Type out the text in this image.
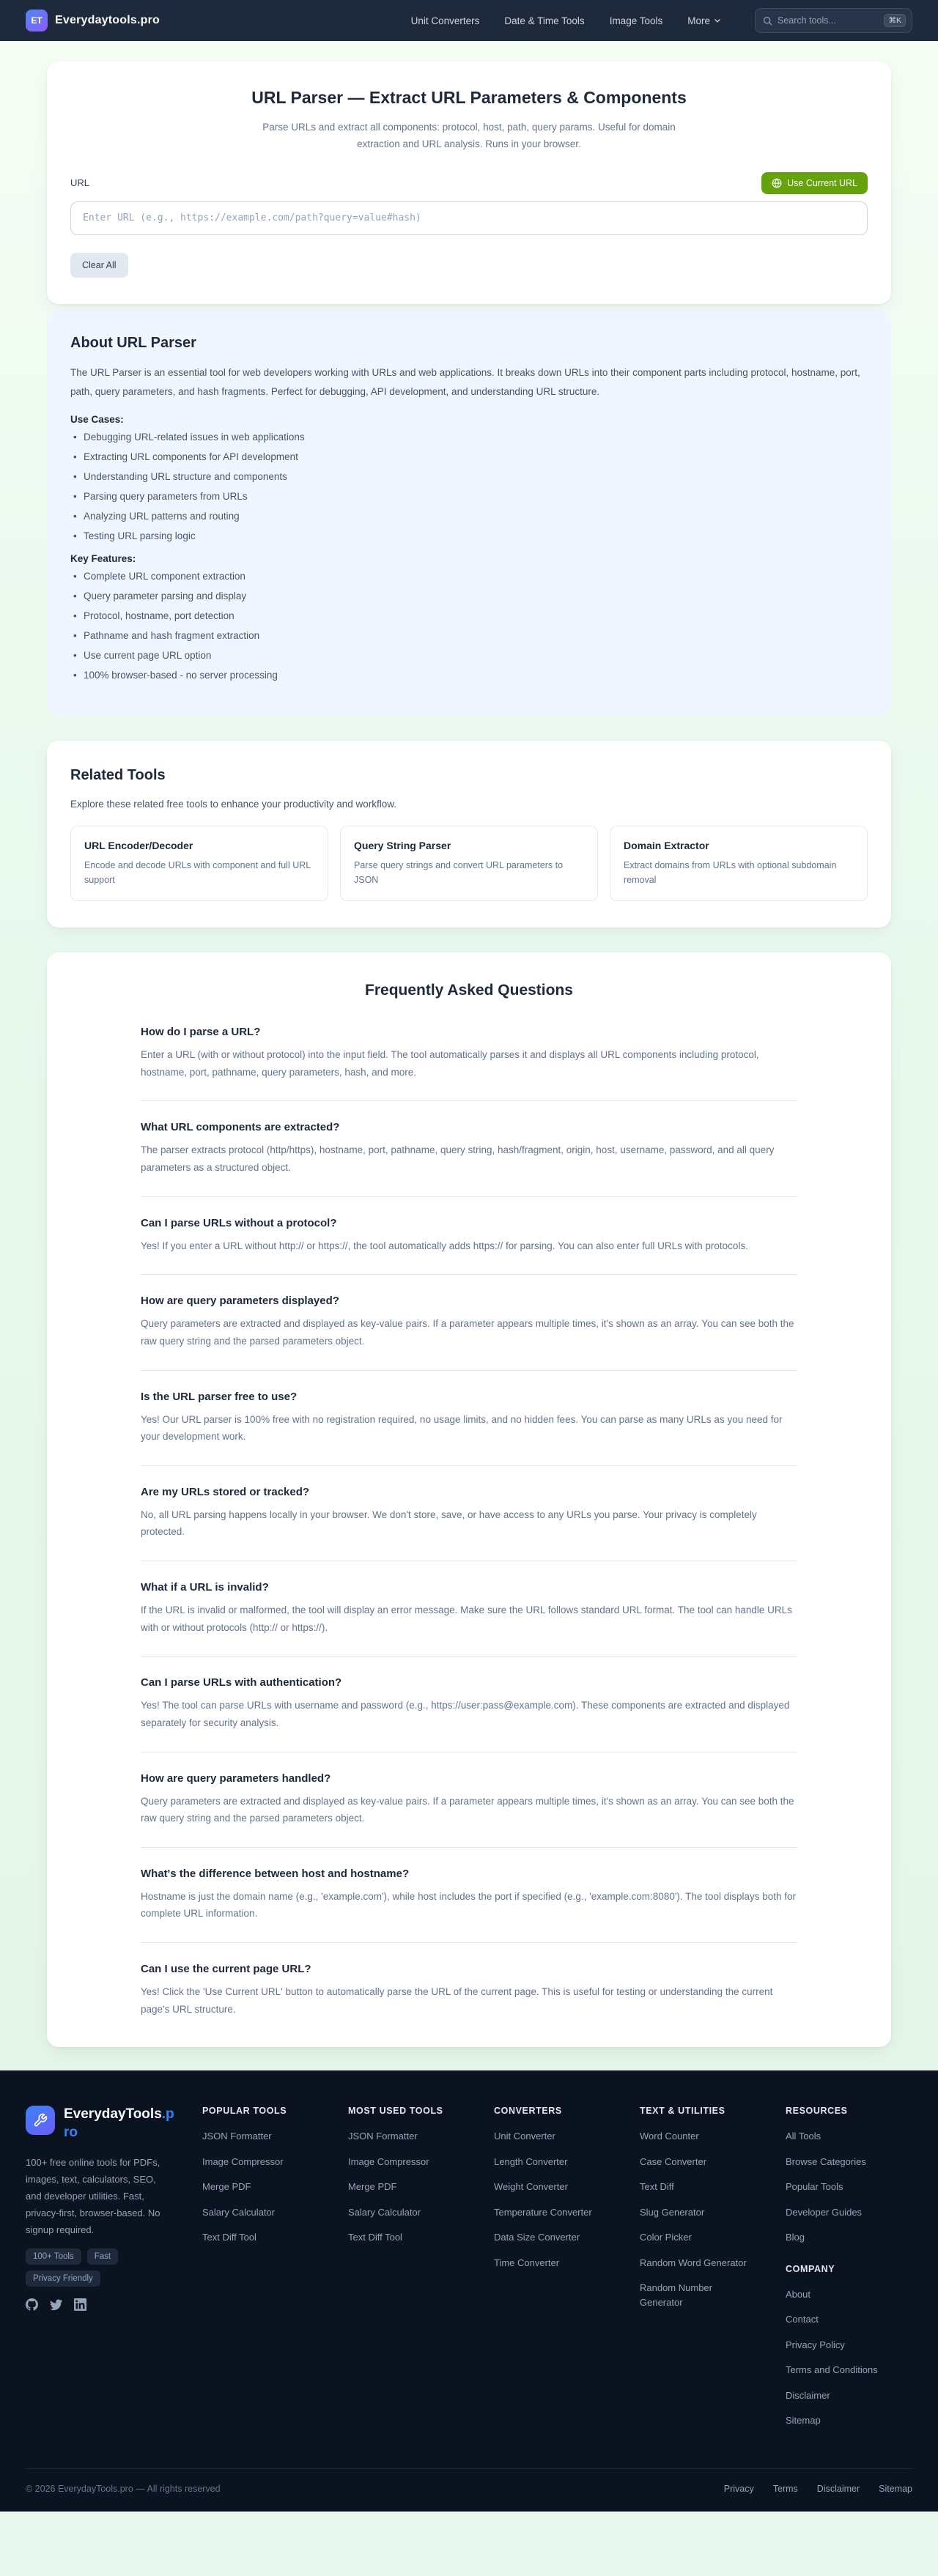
ET Everydaytools.pro	Unit Converters	Date & Time Tools	Image Tools	More	Search tools...	⌘K
URL Parser — Extract URL Parameters & Components

Parse URLs and extract all components: protocol, host, path, query params. Useful for domain extraction and URL analysis. Runs in your browser.

URL	Use Current URL
Enter URL (e.g., https://example.com/path?query=value#hash) Clear All
About URL Parser

The URL Parser is an essential tool for web developers working with URLs and web applications. It breaks down URLs into their component parts including protocol, hostname, port, path, query parameters, and hash fragments. Perfect for debugging, API development, and understanding URL structure.

Use Cases:

• Debugging URL-related issues in web applications
• Extracting URL components for API development
• Understanding URL structure and components
• Parsing query parameters from URLs
• Analyzing URL patterns and routing
• Testing URL parsing logic

Key Features:

• Complete URL component extraction
• Query parameter parsing and display
• Protocol, hostname, port detection
• Pathname and hash fragment extraction
• Use current page URL option
• 100% browser-based - no server processing
Related Tools

Explore these related free tools to enhance your productivity and workflow.

URL Encoder/Decoder

Encode and decode URLs with component and full URL support

Query String Parser

Parse query strings and convert URL parameters to JSON

Domain Extractor

Extract domains from URLs with optional subdomain removal

Frequently Asked Questions
How do I parse a URL?

Enter a URL (with or without protocol) into the input field. The tool automatically parses it and displays all URL components including protocol, hostname, port, pathname, query parameters, hash, and more.

What URL components are extracted?

The parser extracts protocol (http/https), hostname, port, pathname, query string, hash/fragment, origin, host, username, password, and all query parameters as a structured object.

Can I parse URLs without a protocol?

Yes! If you enter a URL without http:// or https://, the tool automatically adds https:// for parsing. You can also enter full URLs with protocols.

How are query parameters displayed?

Query parameters are extracted and displayed as key-value pairs. If a parameter appears multiple times, it's shown as an array. You can see both the raw query string and the parsed parameters object.

Is the URL parser free to use?

Yes! Our URL parser is 100% free with no registration required, no usage limits, and no hidden fees. You can parse as many URLs as you need for your development work.

Are my URLs stored or tracked?

No, all URL parsing happens locally in your browser. We don't store, save, or have access to any URLs you parse. Your privacy is completely protected.

What if a URL is invalid?

If the URL is invalid or malformed, the tool will display an error message. Make sure the URL follows standard URL format. The tool can handle URLs with or without protocols (http:// or https://).

Can I parse URLs with authentication?

Yes! The tool can parse URLs with username and password (e.g., https://user:pass@example.com). These components are extracted and displayed separately for security analysis.

How are query parameters handled?

Query parameters are extracted and displayed as key-value pairs. If a parameter appears multiple times, it's shown as an array. You can see both the raw query string and the parsed parameters object.

What's the difference between host and hostname?

Hostname is just the domain name (e.g., 'example.com'), while host includes the port if specified (e.g., 'example.com:8080'). The tool displays both for complete URL information.

Can I use the current page URL?

Yes! Click the 'Use Current URL' button to automatically parse the URL of the current page. This is useful for testing or understanding the current page's URL structure.

EverydayTools.pro

100+ free online tools for PDFs, images, text, calculators, SEO, and developer utilities. Fast, privacy-first, browser-based. No signup required.

100+ Tools	Fast
Privacy Friendly
POPULAR TOOLS
JSON Formatter
Image Compressor
Merge PDF
Salary Calculator
Text Diff Tool
MOST USED TOOLS
JSON Formatter
Image Compressor
Merge PDF
Salary Calculator
Text Diff Tool
CONVERTERS
Unit Converter
Length Converter
Weight Converter
Temperature Converter
Data Size Converter
Time Converter
TEXT & UTILITIES
Word Counter
Case Converter
Text Diff
Slug Generator
Color Picker
Random Word Generator
Random Number Generator
RESOURCES
All Tools
Browse Categories
Popular Tools
Developer Guides
Blog
COMPANY
About
Contact
Privacy Policy
Terms and Conditions
Disclaimer
Sitemap
© 2026 EverydayTools.pro — All rights reserved	Privacy Terms Disclaimer Sitemap
